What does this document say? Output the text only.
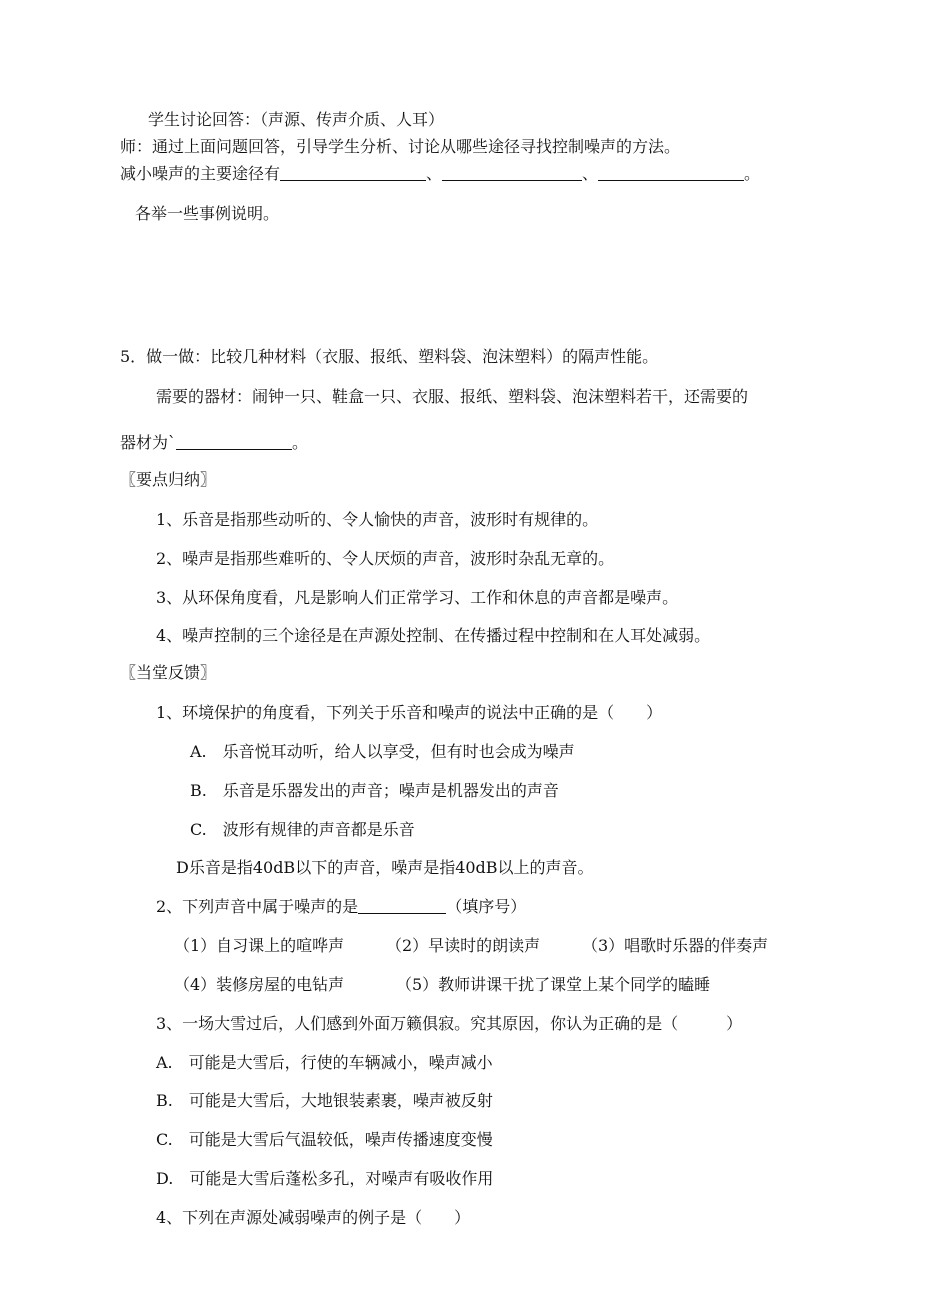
学生讨论回答：（声源、传声介质、人耳）
师：通过上面问题回答，引导学生分析、讨论从哪些途径寻找控制噪声的方法。
减小噪声的主要途径有	、	、	。
各举一些事例说明。
5．做一做：比较几种材料（衣服、报纸、塑料袋、泡沫塑料）的隔声性能。
需要的器材：闹钟一只、鞋盒一只、衣服、报纸、塑料袋、泡沫塑料若干，还需要的
器材为`	。
〖要点归纳〗
1、乐音是指那些动听的、令人愉快的声音，波形时有规律的。
2、噪声是指那些难听的、令人厌烦的声音，波形时杂乱无章的。
3、从环保角度看，凡是影响人们正常学习、工作和休息的声音都是噪声。
4、噪声控制的三个途径是在声源处控制、在传播过程中控制和在人耳处减弱。
〖当堂反馈〗
1、环境保护的角度看，下列关于乐音和噪声的说法中正确的是（　　）
A.　乐音悦耳动听，给人以享受，但有时也会成为噪声
B.　乐音是乐器发出的声音；噪声是机器发出的声音
C.　波形有规律的声音都是乐音
D乐音是指40dB以下的声音，噪声是指40dB以上的声音。
2、下列声音中属于噪声的是	（填序号）
（1）自习课上的喧哗声	（2）早读时的朗读声	（3）唱歌时乐器的伴奏声
（4）装修房屋的电钻声	（5）教师讲课干扰了课堂上某个同学的瞌睡
3、一场大雪过后，人们感到外面万籁俱寂。究其原因，你认为正确的是（　　　）
A.　可能是大雪后，行使的车辆减小，噪声减小
B.　可能是大雪后，大地银装素裹，噪声被反射
C.　可能是大雪后气温较低，噪声传播速度变慢
D.　可能是大雪后蓬松多孔，对噪声有吸收作用
4、下列在声源处减弱噪声的例子是（　　）
